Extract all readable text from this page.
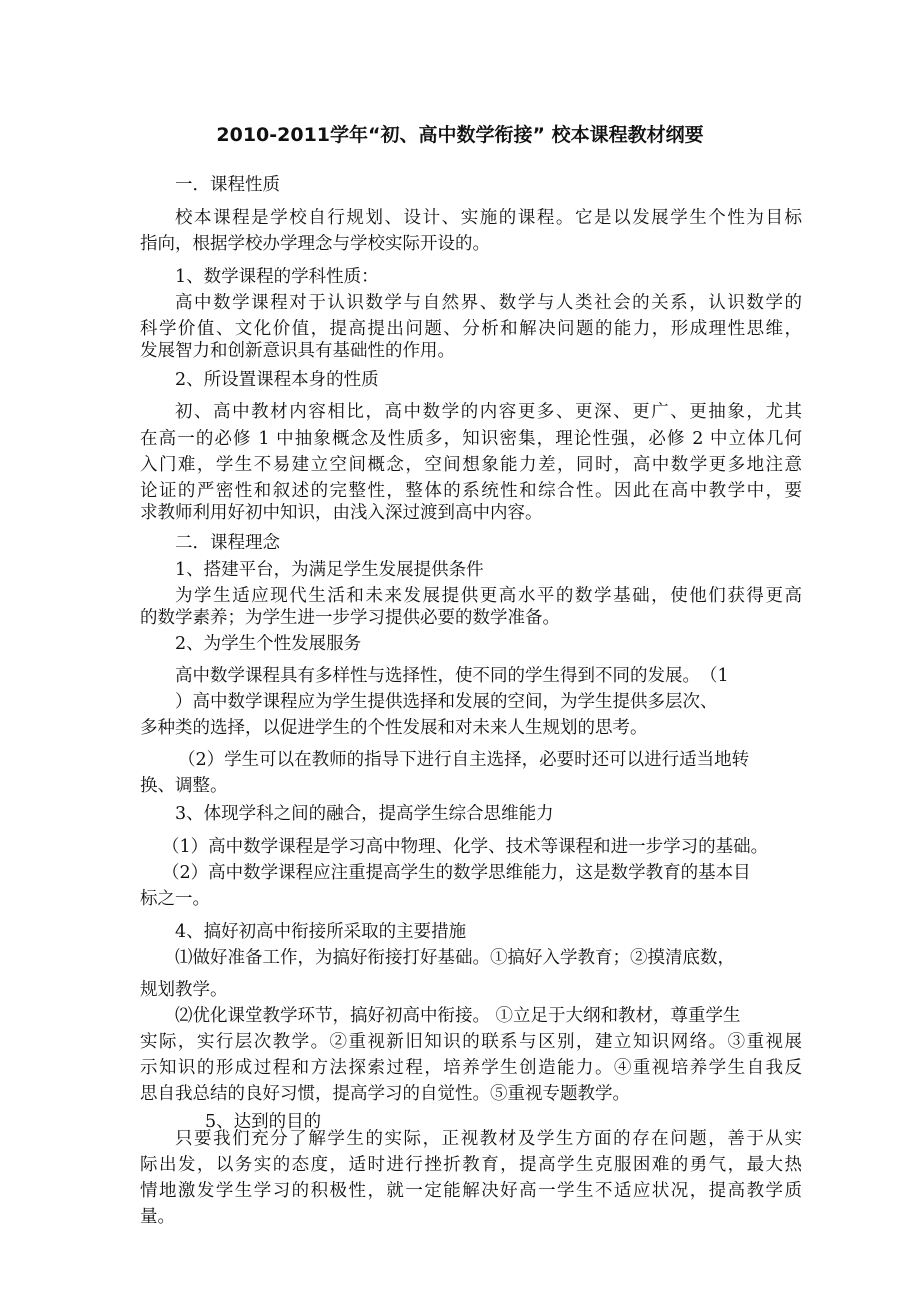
2010-2011学年“初、高中数学衔接” 校本课程教材纲要
一．课程性质
校本课程是学校自行规划、设计、实施的课程。它是以发展学生个性为目标
指向，根据学校办学理念与学校实际开设的。
1、数学课程的学科性质：
高中数学课程对于认识数学与自然界、数学与人类社会的关系，认识数学的
科学价值、文化价值，提高提出问题、分析和解决问题的能力，形成理性思维，
发展智力和创新意识具有基础性的作用。
2、所设置课程本身的性质
初、高中教材内容相比，高中数学的内容更多、更深、更广、更抽象，尤其
在高一的必修 1 中抽象概念及性质多，知识密集，理论性强，必修 2 中立体几何
入门难，学生不易建立空间概念，空间想象能力差，同时，高中数学更多地注意
论证的严密性和叙述的完整性，整体的系统性和综合性。因此在高中教学中，要
求教师利用好初中知识，由浅入深过渡到高中内容。
二．课程理念
1、搭建平台，为满足学生发展提供条件
为学生适应现代生活和未来发展提供更高水平的数学基础，使他们获得更高
的数学素养；为学生进一步学习提供必要的数学准备。
2、为学生个性发展服务
高中数学课程具有多样性与选择性，使不同的学生得到不同的发展。　（1
）高中数学课程应为学生提供选择和发展的空间，为学生提供多层次、
多种类的选择，以促进学生的个性发展和对未来人生规划的思考。
（2）学生可以在教师的指导下进行自主选择，必要时还可以进行适当地转
换、调整。
3、体现学科之间的融合，提高学生综合思维能力
（1）高中数学课程是学习高中物理、化学、技术等课程和进一步学习的基础。
（2）高中数学课程应注重提高学生的数学思维能力，这是数学教育的基本目
标之一。
4、搞好初高中衔接所采取的主要措施
⑴做好准备工作，为搞好衔接打好基础。①搞好入学教育；②摸清底数，
规划教学。
⑵优化课堂教学环节，搞好初高中衔接。 ①立足于大纲和教材，尊重学生
实际，实行层次教学。②重视新旧知识的联系与区别，建立知识网络。③重视展
示知识的形成过程和方法探索过程，培养学生创造能力。④重视培养学生自我反
思自我总结的良好习惯，提高学习的自觉性。⑤重视专题教学。
5、达到的目的
只要我们充分了解学生的实际，正视教材及学生方面的存在问题，善于从实
际出发，以务实的态度，适时进行挫折教育，提高学生克服困难的勇气，最大热
情地激发学生学习的积极性，就一定能解决好高一学生不适应状况，提高教学质
量。
